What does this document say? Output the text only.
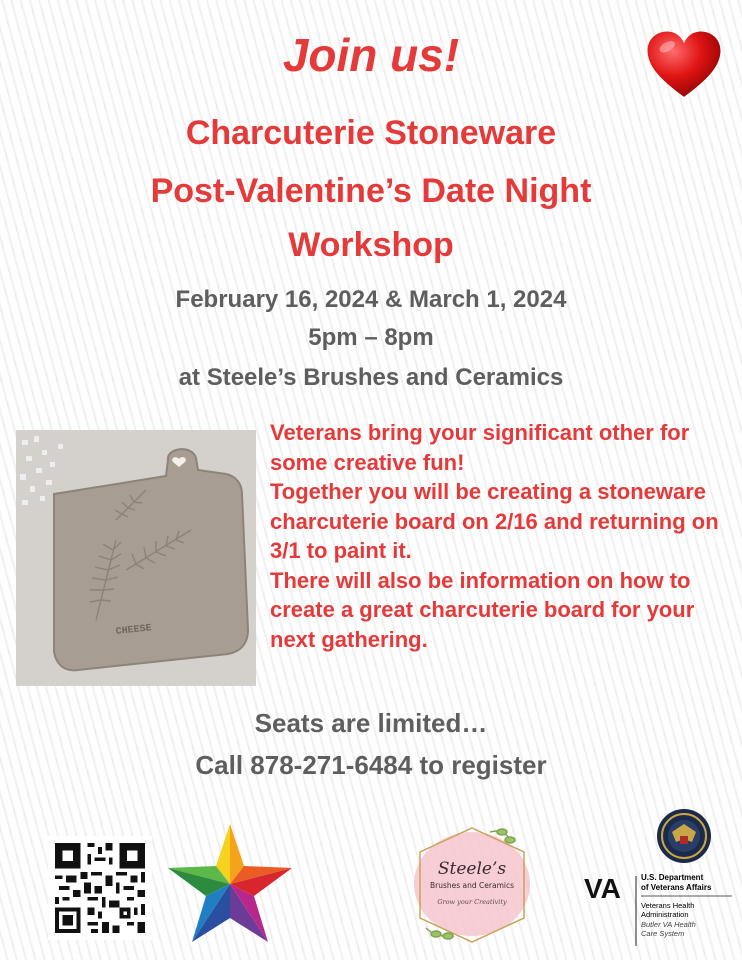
Join us!
Charcuterie Stoneware
Post-Valentine’s Date Night
Workshop
February 16, 2024 & March 1, 2024
5pm – 8pm
at Steele’s Brushes and Ceramics
CHEESE

Veterans bring your significant other for some creative fun!

Together you will be creating a stoneware charcuterie board on 2/16 and returning on 3/1 to paint it.

There will also be information on how to create a great charcuterie board for your next gathering.

Seats are limited…
Call 878-271-6484 to register
Steele’s
Brushes and Ceramics
Grow your Creativity	VA	U.S. Department
of Veterans Affairs
Veterans Health
Administration
Butler VA Health
Care System
